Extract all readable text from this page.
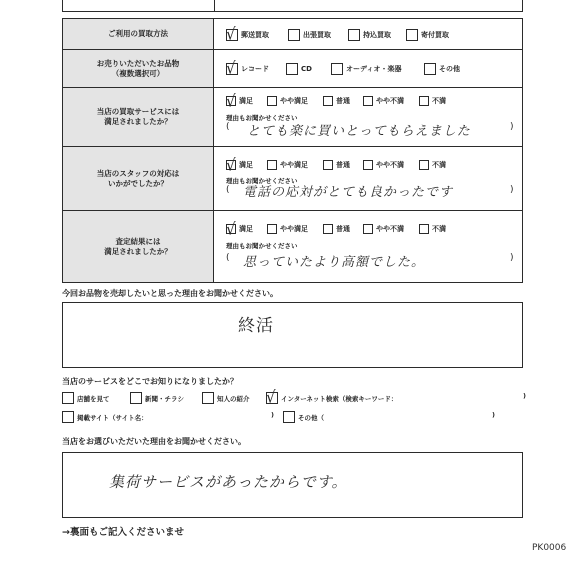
ご利用の買取方法	√ 郵送買取	出張買取	持込買取	寄付買取
お売りいただいたお品物
（複数選択可）	√ レコード	CD	オーディオ・楽器	その他
当店の買取サービスには
満足されましたか？
√ 満足	やや満足	普通	やや不満	不満
理由もお聞かせください
( とても楽に買いとってもらえました	)
当店のスタッフの対応は
いかがでしたか？
√ 満足	やや満足	普通	やや不満	不満
理由もお聞かせください
( 電話の応対がとても良かったです	)
査定結果には
満足されましたか？
√ 満足	やや満足	普通	やや不満	不満
理由もお聞かせください
( 思っていたより高額でした。	)
今回お品物を売却したいと思った理由をお聞かせください。
終活
当店のサービスをどこでお知りになりましたか？
店舗を見て	新聞・チラシ	知人の紹介 √ インターネット検索（検索キーワード：	)
掲載サイト（サイト名：	)	その他（	)
当店をお選びいただいた理由をお聞かせください。
集荷サービスがあったからです。
→裏面もご記入くださいませ
PK0006
